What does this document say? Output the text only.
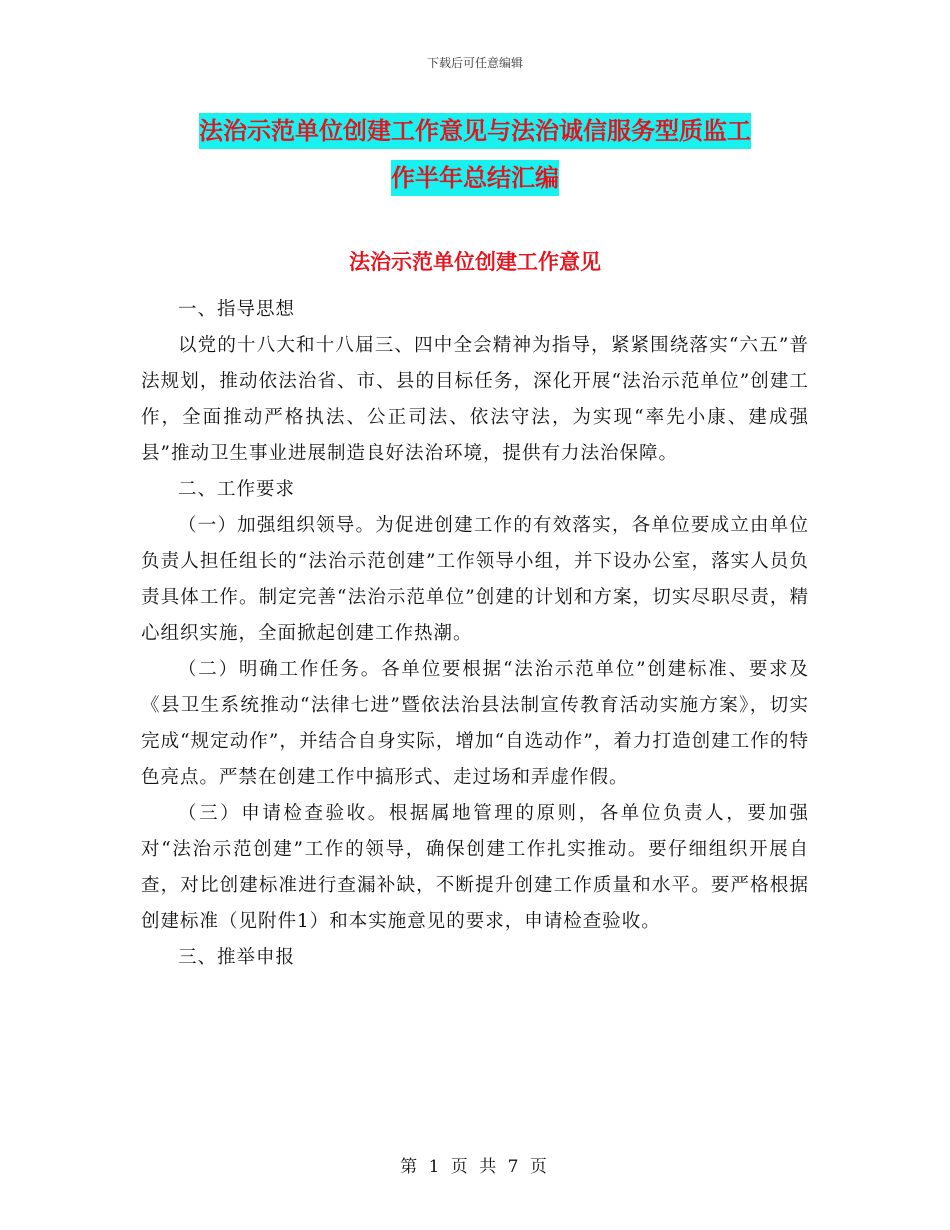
下载后可任意编辑
法治示范单位创建工作意见与法治诚信服务型质监工
作半年总结汇编
法治示范单位创建工作意见

一、指导思想

以党的十八大和十八届三、四中全会精神为指导，紧紧围绕落实“六五”普法规划，推动依法治省、市、县的目标任务，深化开展“法治示范单位”创建工作，全面推动严格执法、公正司法、依法守法，为实现“率先小康、建成强县”推动卫生事业进展制造良好法治环境，提供有力法治保障。

二、工作要求

（一）加强组织领导。为促进创建工作的有效落实，各单位要成立由单位负责人担任组长的“法治示范创建”工作领导小组，并下设办公室，落实人员负责具体工作。制定完善“法治示范单位”创建的计划和方案，切实尽职尽责，精心组织实施，全面掀起创建工作热潮。

（二）明确工作任务。各单位要根据“法治示范单位”创建标准、要求及《县卫生系统推动“法律七进”暨依法治县法制宣传教育活动实施方案》，切实完成“规定动作”，并结合自身实际，增加“自选动作”，着力打造创建工作的特色亮点。严禁在创建工作中搞形式、走过场和弄虚作假。

（三）申请检查验收。根据属地管理的原则，各单位负责人，要加强对“法治示范创建”工作的领导，确保创建工作扎实推动。要仔细组织开展自查，对比创建标准进行查漏补缺，不断提升创建工作质量和水平。要严格根据创建标准（见附件1）和本实施意见的要求，申请检查验收。

三、推举申报

第 1 页 共 7 页
